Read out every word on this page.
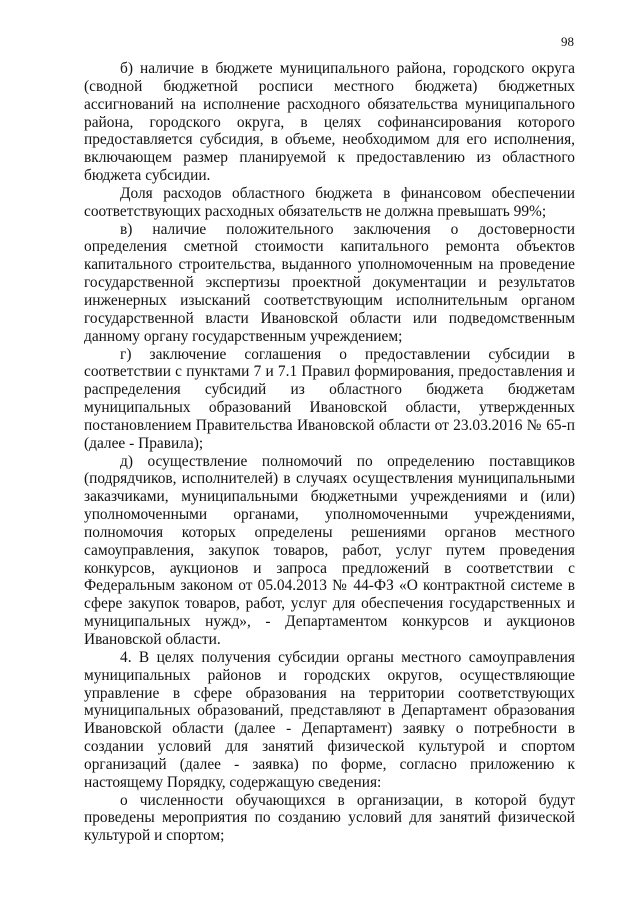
98

б) наличие в бюджете муниципального района, городского округа (сводной бюджетной росписи местного бюджета) бюджетных ассигнований на исполнение расходного обязательства муниципального района, городского округа, в целях софинансирования которого предоставляется субсидия, в объеме, необходимом для его исполнения, включающем размер планируемой к предоставлению из областного бюджета субсидии.

Доля расходов областного бюджета в финансовом обеспечении соответствующих расходных обязательств не должна превышать 99%;

в) наличие положительного заключения о достоверности определения сметной стоимости капитального ремонта объектов капитального строительства, выданного уполномоченным на проведение государственной экспертизы проектной документации и результатов инженерных изысканий соответствующим исполнительным органом государственной власти Ивановской области или подведомственным данному органу государственным учреждением;

г) заключение соглашения о предоставлении субсидии в соответствии с пунктами 7 и 7.1 Правил формирования, предоставления и распределения субсидий из областного бюджета бюджетам муниципальных образований Ивановской области, утвержденных постановлением Правительства Ивановской области от 23.03.2016 № 65-п (далее - Правила);

д) осуществление полномочий по определению поставщиков (подрядчиков, исполнителей) в случаях осуществления муниципальными заказчиками, муниципальными бюджетными учреждениями и (или) уполномоченными органами, уполномоченными учреждениями, полномочия которых определены решениями органов местного самоуправления, закупок товаров, работ, услуг путем проведения конкурсов, аукционов и запроса предложений в соответствии с Федеральным законом от 05.04.2013 № 44-ФЗ «О контрактной системе в сфере закупок товаров, работ, услуг для обеспечения государственных и муниципальных нужд», - Департаментом конкурсов и аукционов Ивановской области.

4. В целях получения субсидии органы местного самоуправления муниципальных районов и городских округов, осуществляющие управление в сфере образования на территории соответствующих муниципальных образований, представляют в Департамент образования Ивановской области (далее - Департамент) заявку о потребности в создании условий для занятий физической культурой и спортом организаций (далее - заявка) по форме, согласно приложению к настоящему Порядку, содержащую сведения:

о численности обучающихся в организации, в которой будут проведены мероприятия по созданию условий для занятий физической культурой и спортом;
